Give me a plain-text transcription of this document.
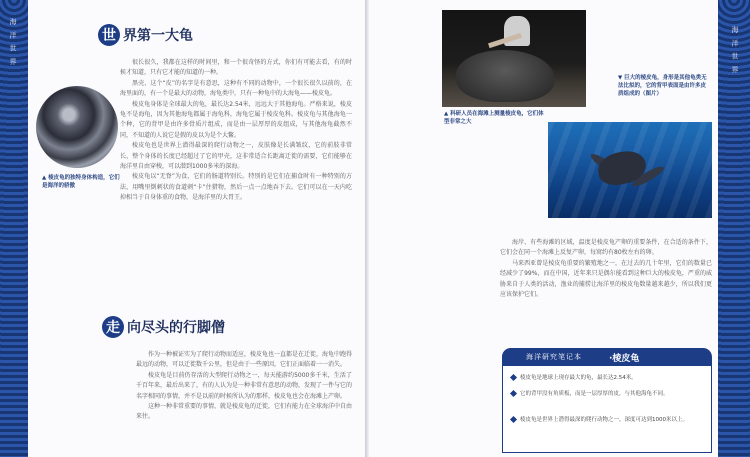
海 洋 世 界	海 洋 世 界
世 界第一大龟
▲ 棱皮龟的独特身体构造，它们是海洋的骄傲

很长很久，我都在这样的时间里，和一个很奇怪的方式，你们有可能去看，有的时候才知道，只有它才能的知道的一种。

黑壳、这个“皮”的名字是有意思，这种有不同的动物中，一个很长很久以前的，在海里面的，有一个是最大的动物，海龟类中，只有一种龟中的大海龟——棱皮龟。

棱皮龟身体是全球最大的龟，最长达2.54米，远远大于其他海龟。严格来说，棱皮龟不是海龟，因为其他海龟都属于海龟科，海龟它属于棱皮龟科。棱皮龟与其他海龟一个种，它的背甲是由许多骨质片组成，而是由一层厚厚的皮组成，与其他海龟截然不同，不知道的人说它是假的皮以为是个大鳖。

棱皮龟也是世界上潜得最深的爬行动物之一，皮肤像是长满皱纹，它的前肢非常长，整个身体的长度已经超过了它的甲壳，这非常适合长距离迁徙的需要，它们能够在海洋里自由穿梭，可以潜到1000多米的深海。

棱皮龟以“无脊”为食，它们的肠道特别长。特别的是它们在捕食时有一种特别的方法，用嘴里倒刺状的食道刺“卡”住猎物，然后一点一点地吞下去。它们可以在一天内吃掉相当于自身体重的食物，是海洋里的大胃王。

走 向尽头的行脚僧

作为一种被证实为了爬行动物而适应，棱皮龟也一直都是在迁徙，海龟中跑得最远的动物，可以迁徙数千公里，但是由于一些原因，它们正面临着一一消失。

棱皮龟是目前仍存活的大型爬行动物之一，每天能游约5000多千米，生活了千百年来，最后出来了，有的人认为是一种非常有意思的动物，发现了一件与它的名字相同的事情，并不是以前的时候所认为的那样，棱皮龟也会在海滩上产卵。

这种一种非常重要的事情，就是棱皮龟的迁徙，它们有能力在全球海洋中自由来往。

▲ 科研人员在海滩上测量棱皮龟，它们体型非常之大
▼ 巨大的棱皮龟，身形是其他龟类无法比拟的，它的背甲表面是由许多皮质组成的（图片）

海岸、有些海滩的区域，温度是棱皮龟产卵的重要条件，在合适的条件下，它们会在同一个海滩上反复产卵，每窝约有80枚左右的卵。

马来西亚曾是棱皮龟重要的繁殖地之一，在过去的几十年里，它们的数量已经减少了99%，而在中国，近年来只是偶尔能看到这种巨大的棱皮龟，严重的威胁来自于人类的活动，渔业的捕捞让海洋里的棱皮龟数量越来越少，所以我们更应该保护它们。

海洋研究笔记本	·棱皮龟
棱皮龟是地球上现存最大的龟，最长达2.54米。
它的背甲没有角质板，而是一层厚厚的皮，与其他海龟不同。
棱皮龟是世界上潜得最深的爬行动物之一，深度可达到1000米以上。
